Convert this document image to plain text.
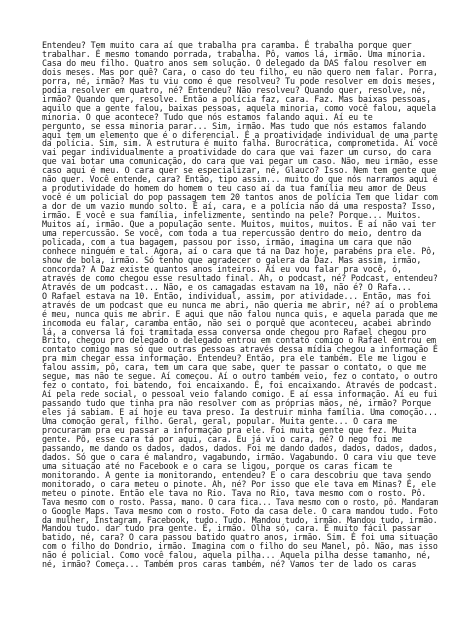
Entendeu? Tem muito cara aí que trabalha pra caramba. É trabalha porque quer
trabalhar. É mesmo tomando porrada, trabalha. Pô, vamos lá, irmão. Uma minoria.
Casa do meu filho. Quatro anos sem solução. O delegado da DAS falou resolver em
dois meses. Mas por quê? Cara, o caso do teu filho, eu não quero nem falar. Porra,
porra, né, irmão? Mas tu viu como é que resolveu? Tu pode resolver em dois meses,
podia resolver em quatro, né? Entendeu? Não resolveu? Quando quer, resolve, né,
irmão? Quando quer, resolve. Então a polícia faz, cara. Faz. Mas baixas pessoas,
aquilo que a gente falou, baixas pessoas, aquela minoria, como você falou, aquela
minoria. O que acontece? Tudo que nós estamos falando aqui. Aí eu te
pergunto, se essa minoria parar... Sim, irmão. Mas tudo que nós estamos falando
aqui tem um elemento que é o diferencial. É a proatividade individual de uma parte
da polícia. Sim, sim. A estrutura é muito falha. Burocrática, comprometida. Aí você
vai pegar individualmente a proatividade do cara que vai fazer um curso, do cara
que vai botar uma comunicação, do cara que vai pegar um caso. Não, meu irmão, esse
caso aqui é meu. O cara quer se especializar, né, Glauco? Isso. Nem tem gente que
não quer. Você entende, cara? Então, tipo assim... muito do que nós narramos aqui é
a produtividade do homem do homem o teu caso aí da tua família meu amor de Deus
você é um policial do pop passagem tem 20 tantos anos de polícia Tem que lidar com
a dor de um vazio mundo solto. É aí, cara, e a polícia não dá uma resposta? Isso,
irmão. E você e sua família, infelizmente, sentindo na pele? Porque... Muitos.
Muitos aí, irmão. Que a população sente. Muitos, muitos, muitos. E aí não vai ter
uma repercussão. Se você, com toda a tua repercussão dentro do meio, dentro da
policada, com a tua bagagem, passou por isso, irmão, imagina um cara que não
conhece ninguém e tal. Agora, aí o cara que tá na Daz hoje, parabéns pra ele. Pô,
show de bola, irmão. Só tenho que agradecer o galera da Daz. Mas assim, irmão,
concorda? A Daz existe quantos anos inteiros. Aí eu vou falar pra você, ó,
através de como chegou esse resultado final. Ah, o podcast, né? Podcast, entendeu?
Através de um podcast... Não, e os camagadas estavam na 10, não é? O Rafa...
O Rafael estava na 10. Então, individual, assim, por atividade... Então, mas foi
através de um podcast que eu nunca me abri, não queria me abrir, né? aí o problema
é meu, nunca quis me abrir. E aqui que não falou nunca quis, e aquela parada que me
incomoda eu falar, caramba então, não sei o porquê que aconteceu, acabei abrindo
lá, a conversa lá foi tramitada essa conversa onde chegou pro Rafael chegou pro
Brito, chegou pro delegado o delegado entrou em contato comigo o Rafael entrou em
contato comigo mas só que outras pessoas através dessa mídia chegou a informação É
pra mim chegar essa informação. Entendeu? Então, pra ele também. Ele me ligou e
falou assim, pô, cara, tem um cara que sabe, quer te passar o contato, o que me
segue, mas não te segue. Aí começou. Aí o outro também veio, fez o contato, o outro
fez o contato, foi batendo, foi encaixando. É, foi encaixando. Através de podcast.
Aí pela rede social, o pessoal veio falando comigo. E aí essa informação. Aí eu fui
passando tudo que tinha pra não resolver com as próprias mãos, né, irmão? Porque
eles já sabiam. E aí hoje eu tava preso. Ia destruir minha família. Uma comoção...
Uma comoção geral, filho. Geral, geral, popular. Muita gente... O cara me
procuraram pra eu passar a informação pra ele. Foi muita gente que fez. Muita
gente. Pô, esse cara tá por aqui, cara. Eu já vi o cara, né? O nego foi me
passando, me dando os dados, dados, dados. Foi me dando dados, dados, dados, dados,
dados. Só que o cara é malandro, vagabundo, irmão. Vagabundo. O cara viu que teve
uma situação até no Facebook e o cara se ligou, porque os caras ficam te
monitorando. A gente ia monitorando, entendeu? E o cara descobriu que tava sendo
monitorado, o cara meteu o pinote. Ah, né? Por isso que ele tava em Minas? É, ele
meteu o pinote. Então ele tava no Rio. Tava no Rio, tava mesmo com o rosto. Pô.
Tava mesmo com o rosto. Passa, mano. O cara fica... Tava mesmo com o rosto, pô. Mandaram
o Google Maps. Tava mesmo com o rosto. Foto da casa dele. O cara mandou tudo. Foto
da mulher, Instagram, Facebook, tudo. Tudo. Mandou tudo, irmão. Mandou tudo, irmão.
Mandou tudo. dar tudo pra gente. É, irmão. Olha só, cara. É muito fácil passar
batido, né, cara? O cara passou batido quatro anos, irmão. Sim. É foi uma situação
com o filho do Dondrio, irmão. Imagina com o filho do seu Manel, pô. Não, mas isso
não é policial. Como você falou, aquela pilha... Aquela pilha desse tamanho, né,
né, irmão? Começa... Também pros caras também, né? Vamos ter de lado os caras
